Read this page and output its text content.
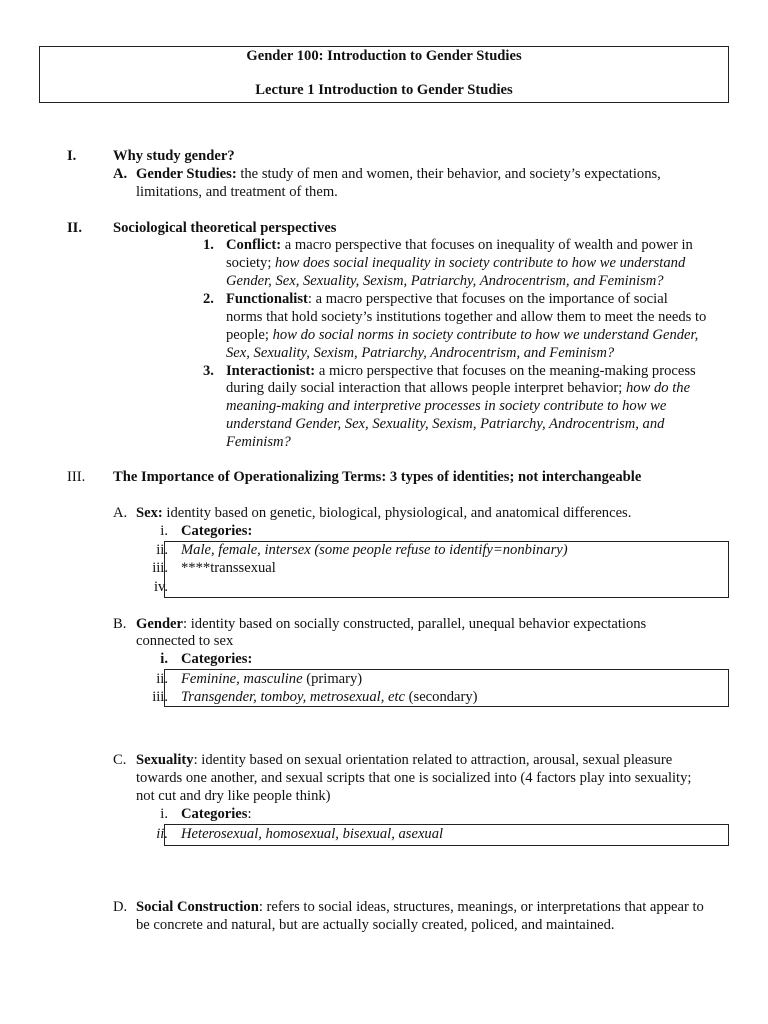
Gender 100: Introduction to Gender Studies
Lecture 1 Introduction to Gender Studies
I.	Why study gender?
A. Gender Studies: the study of men and women, their behavior, and society’s expectations,
limitations, and treatment of them.
II. Sociological theoretical perspectives
1. Conflict: a macro perspective that focuses on inequality of wealth and power in
society; how does social inequality in society contribute to how we understand
Gender, Sex, Sexuality, Sexism, Patriarchy, Androcentrism, and Feminism?
2. Functionalist: a macro perspective that focuses on the importance of social
norms that hold society’s institutions together and allow them to meet the needs to
people; how do social norms in society contribute to how we understand Gender,
Sex, Sexuality, Sexism, Patriarchy, Androcentrism, and Feminism?
3. Interactionist: a micro perspective that focuses on the meaning-making process
during daily social interaction that allows people interpret behavior; how do the
meaning-making and interpretive processes in society contribute to how we
understand Gender, Sex, Sexuality, Sexism, Patriarchy, Androcentrism, and
Feminism?
III. The Importance of Operationalizing Terms: 3 types of identities; not interchangeable
A. Sex: identity based on genetic, biological, physiological, and anatomical differences.
i. Categories:
ii. Male, female, intersex (some people refuse to identify=nonbinary)
iii. ****transsexual
iv.
B. Gender: identity based on socially constructed, parallel, unequal behavior expectations
connected to sex
i. Categories:
ii. Feminine, masculine (primary)
iii. Transgender, tomboy, metrosexual, etc (secondary)
C. Sexuality: identity based on sexual orientation related to attraction, arousal, sexual pleasure
towards one another, and sexual scripts that one is socialized into (4 factors play into sexuality;
not cut and dry like people think)
i. Categories:
ii. Heterosexual, homosexual, bisexual, asexual
D. Social Construction: refers to social ideas, structures, meanings, or interpretations that appear to
be concrete and natural, but are actually socially created, policed, and maintained.
